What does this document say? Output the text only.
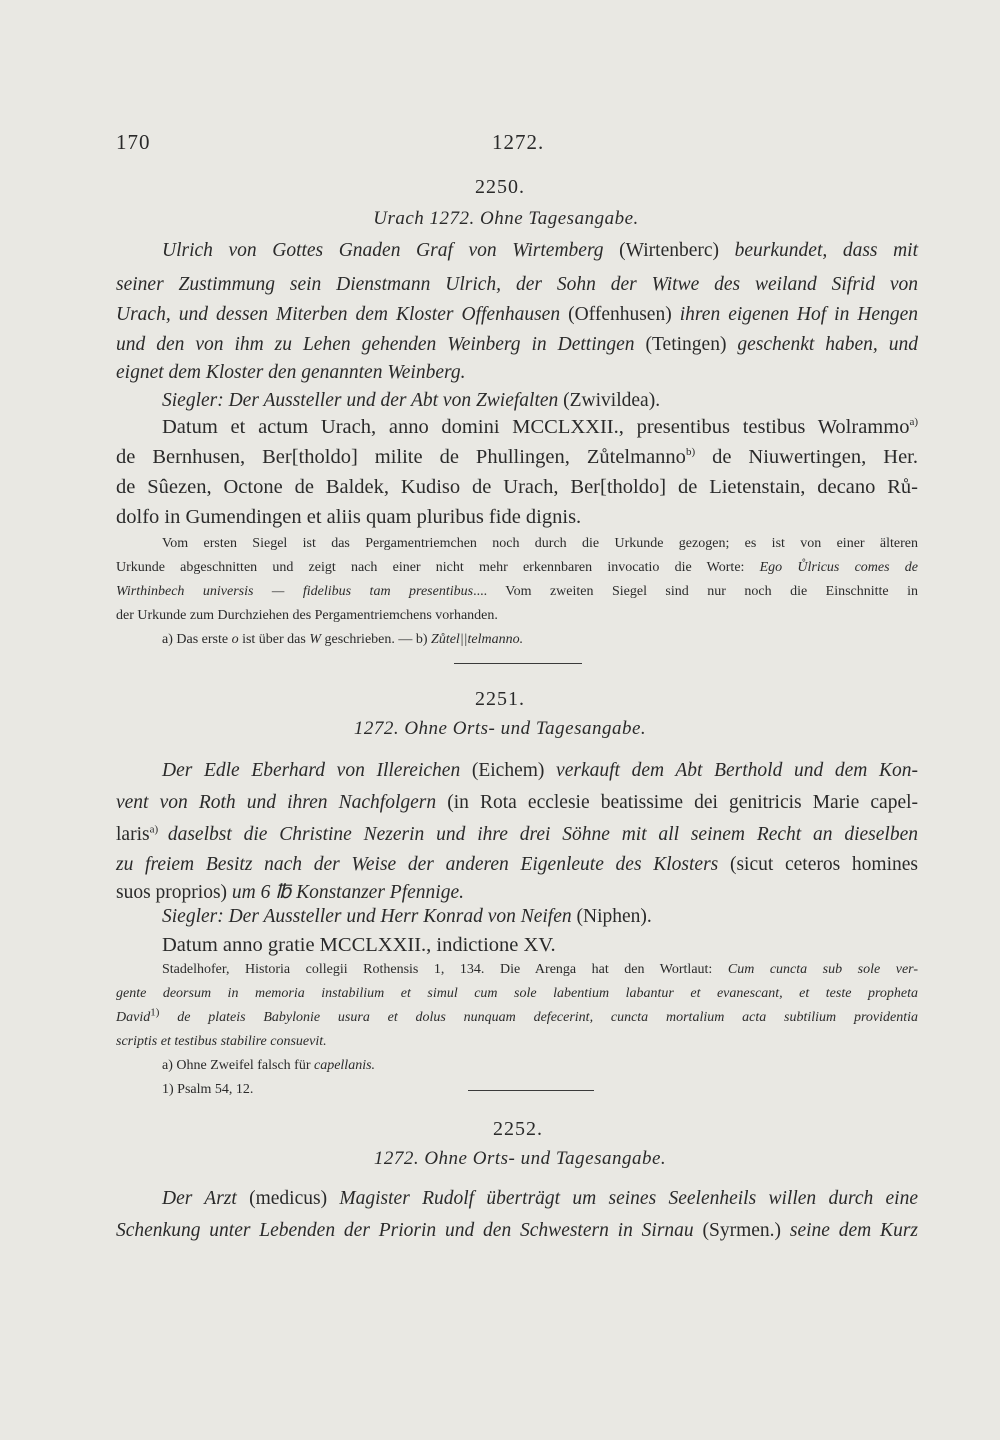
170	1272.
2250.
Urach 1272. Ohne Tagesangabe.
Ulrich von Gottes Gnaden Graf von Wirtemberg (Wirtenberc) beurkundet, dass mit
seiner Zustimmung sein Dienstmann Ulrich, der Sohn der Witwe des weiland Sifrid von
Urach, und dessen Miterben dem Kloster Offenhausen (Offenhusen) ihren eigenen Hof in Hengen
und den von ihm zu Lehen gehenden Weinberg in Dettingen (Tetingen) geschenkt haben, und
eignet dem Kloster den genannten Weinberg.
Siegler: Der Aussteller und der Abt von Zwiefalten (Zwivildea).
Datum et actum Urach, anno domini MCCLXXII., presentibus testibus Wolrammo$^{a)}$
de Bernhusen, Ber[tholdo] milite de Phullingen, Zůtelmanno$^{b)}$ de Niuwertingen, Her.
de Sûezen, Octone de Baldek, Kudiso de Urach, Ber[tholdo] de Lietenstain, decano Rů-
dolfo in Gumendingen et aliis quam pluribus fide dignis.
Vom ersten Siegel ist das Pergamentriemchen noch durch die Urkunde gezogen; es ist von einer älteren
Urkunde abgeschnitten und zeigt nach einer nicht mehr erkennbaren invocatio die Worte: Ego Ůlricus comes de
Wirthinbech universis — fidelibus tam presentibus.... Vom zweiten Siegel sind nur noch die Einschnitte in
der Urkunde zum Durchziehen des Pergamentriemchens vorhanden.
a) Das erste o ist über das W geschrieben. — b) Zůtel||telmanno.
2251.
1272. Ohne Orts- und Tagesangabe.
Der Edle Eberhard von Illereichen (Eichem) verkauft dem Abt Berthold und dem Kon-
vent von Roth und ihren Nachfolgern (in Rota ecclesie beatissime dei genitricis Marie capel-
laris$^{a)}$ daselbst die Christine Nezerin und ihre drei Söhne mit all seinem Recht an dieselben
zu freiem Besitz nach der Weise der anderen Eigenleute des Klosters (sicut ceteros homines
suos proprios) um 6 ℔ Konstanzer Pfennige.
Siegler: Der Aussteller und Herr Konrad von Neifen (Niphen).
Datum anno gratie MCCLXXII., indictione XV.
Stadelhofer, Historia collegii Rothensis 1, 134. Die Arenga hat den Wortlaut: Cum cuncta sub sole ver-
gente deorsum in memoria instabilium et simul cum sole labentium labantur et evanescant, et teste propheta
David$^{1)}$ de plateis Babylonie usura et dolus nunquam defecerint, cuncta mortalium acta subtilium providentia
scriptis et testibus stabilire consuevit.
a) Ohne Zweifel falsch für capellanis.
1) Psalm 54, 12.
2252.
1272. Ohne Orts- und Tagesangabe.
Der Arzt (medicus) Magister Rudolf überträgt um seines Seelenheils willen durch eine
Schenkung unter Lebenden der Priorin und den Schwestern in Sirnau (Syrmen.) seine dem Kurz
